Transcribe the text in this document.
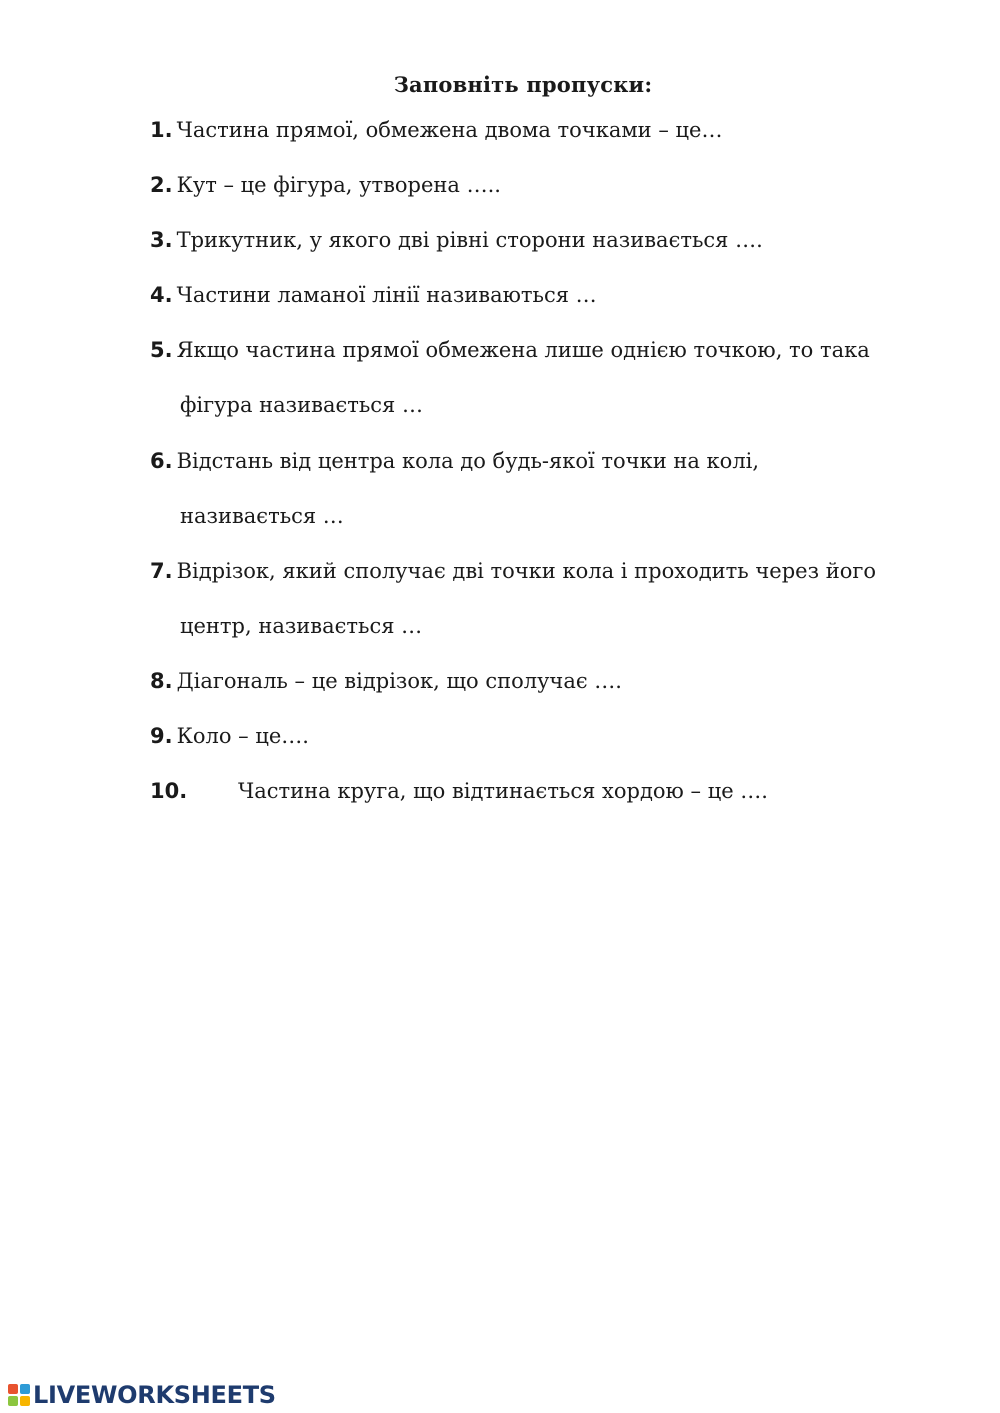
Заповніть пропуски:
1. Частина прямої, обмежена двома точками – це…
2. Кут – це фігура, утворена …..
3. Трикутник, у якого дві рівні сторони називається ….
4. Частини ламаної лінії називаються …
5. Якщо частина прямої обмежена лише однією точкою, то така
фігура називається …
6. Відстань від центра кола до будь-якої точки на колі,
називається …
7. Відрізок, який сполучає дві точки кола і проходить через його
центр, називається …
8. Діагональ – це відрізок, що сполучає ….
9. Коло – це….
10. Частина круга, що відтинається хордою – це ….
LIVEWORKSHEETS
